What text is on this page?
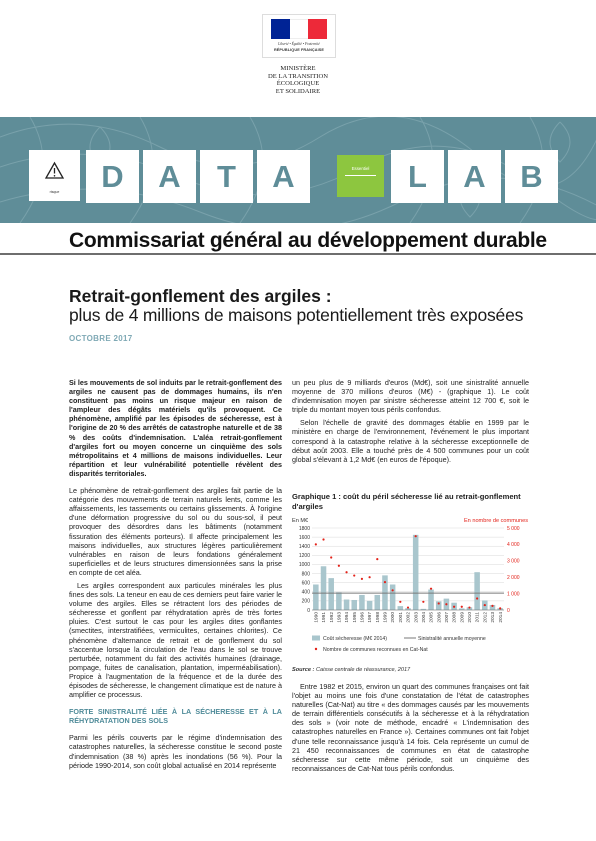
Liberté • Égalité • Fraternité
RÉPUBLIQUE FRANÇAISE
MINISTÈRE
DE LA TRANSITION
ÉCOLOGIQUE
ET SOLIDAIRE
risque	D	A	T	A	Essentiel	L	A	B
Commissariat général au développement durable
Retrait-gonflement des argiles :
plus de 4 millions de maisons potentiellement très exposées
OCTOBRE 2017

Si les mouvements de sol induits par le retrait-gonflement des argiles ne causent pas de dommages humains, ils n'en constituent pas moins un risque majeur en raison de l'ampleur des dégâts matériels qu'ils provoquent. Ce phénomène, amplifié par les épisodes de sécheresse, est à l'origine de 20 % des arrêtés de catastrophe naturelle et de 38 % des coûts d'indemnisation. L'aléa retrait-gonflement d'argiles fort ou moyen concerne un cinquième des sols métropolitains et 4 millions de maisons individuelles. Leur répartition et leur vulnérabilité potentielle révèlent des disparités territoriales.

Le phénomène de retrait-gonflement des argiles fait partie de la catégorie des mouvements de terrain naturels lents, comme les affaissements, les tassements ou certains glissements. À l'origine d'une déformation progressive du sol ou du sous-sol, il peut provoquer des désordres dans les bâtiments (notamment fissuration des éléments porteurs). Il affecte principalement les maisons individuelles, aux structures légères particulièrement vulnérables en raison de leurs fondations généralement superficielles et de leurs structures dimensionnées sans la prise en compte de cet aléa.

Les argiles correspondent aux particules minérales les plus fines des sols. La teneur en eau de ces derniers peut faire varier le volume des argiles. Elles se rétractent lors des périodes de sécheresse et gonflent par réhydratation après de très fortes pluies. C'est surtout le cas pour les argiles dites gonflantes (smectites, interstratifiées, vermiculites, certaines chlorites). Ce phénomène d'alternance de retrait et de gonflement du sol s'accentue lorsque la circulation de l'eau dans le sol se trouve perturbée, notamment du fait des activités humaines (drainage, pompage, fuites de canalisation, plantation, imperméabilisation). Propice à l'augmentation de la fréquence et de la durée des épisodes de sécheresse, le changement climatique est de nature à amplifier ce processus.

FORTE SINISTRALITÉ LIÉE À LA SÉCHERESSE ET À LA RÉHYDRATATION DES SOLS

Parmi les périls couverts par le régime d'indemnisation des catastrophes naturelles, la sécheresse constitue le second poste d'indemnisation (38 %) après les inondations (56 %). Pour la période 1990-2014, son coût global actualisé en 2014 représente

un peu plus de 9 milliards d'euros (Md€), soit une sinistralité annuelle moyenne de 370 millions d'euros (M€) - (graphique 1). Le coût d'indemnisation moyen par sinistre sécheresse atteint 12 700 €, soit le triple du montant moyen tous périls confondus.

Selon l'échelle de gravité des dommages établie en 1999 par le ministère en charge de l'environnement, l'événement le plus important correspond à la catastrophe relative à la sécheresse exceptionnelle de début août 2003. Elle a touché près de 4 500 communes pour un coût global s'élevant à 1,2 Md€ (en euros de l'époque).

Graphique 1 : coût du péril sécheresse lié au retrait-gonflement d'argiles
En M€	En nombre de communes
0
200
400
600
800
1000
1200
1400
1600
1800
0
1 000
2 000
3 000
4 000
5 000
1990 1991 1992 1993 1994 1995 1996 1997 1998 1999 2000 2001 2002 2003 2004 2005 2006 2007 2008 2009 2010 2011 2012 2013 2014
Coût sécheresse (M€ 2014)	Sinistralité annuelle moyenne
Nombre de communes reconnues en Cat-Nat
Source : Caisse centrale de réassurance, 2017

Entre 1982 et 2015, environ un quart des communes françaises ont fait l'objet au moins une fois d'une constatation de l'état de catastrophes naturelles (Cat-Nat) au titre « des dommages causés par les mouvements de terrain différentiels consécutifs à la sécheresse et à la réhydratation des sols » (voir note de méthode, encadré « L'indemnisation des catastrophes naturelles en France »). Certaines communes ont fait l'objet d'une telle reconnaissance jusqu'à 14 fois. Cela représente un cumul de 21 450 reconnaissances de communes en état de catastrophe sécheresse sur cette même période, soit un cinquième des reconnaissances de Cat-Nat tous périls confondus.
